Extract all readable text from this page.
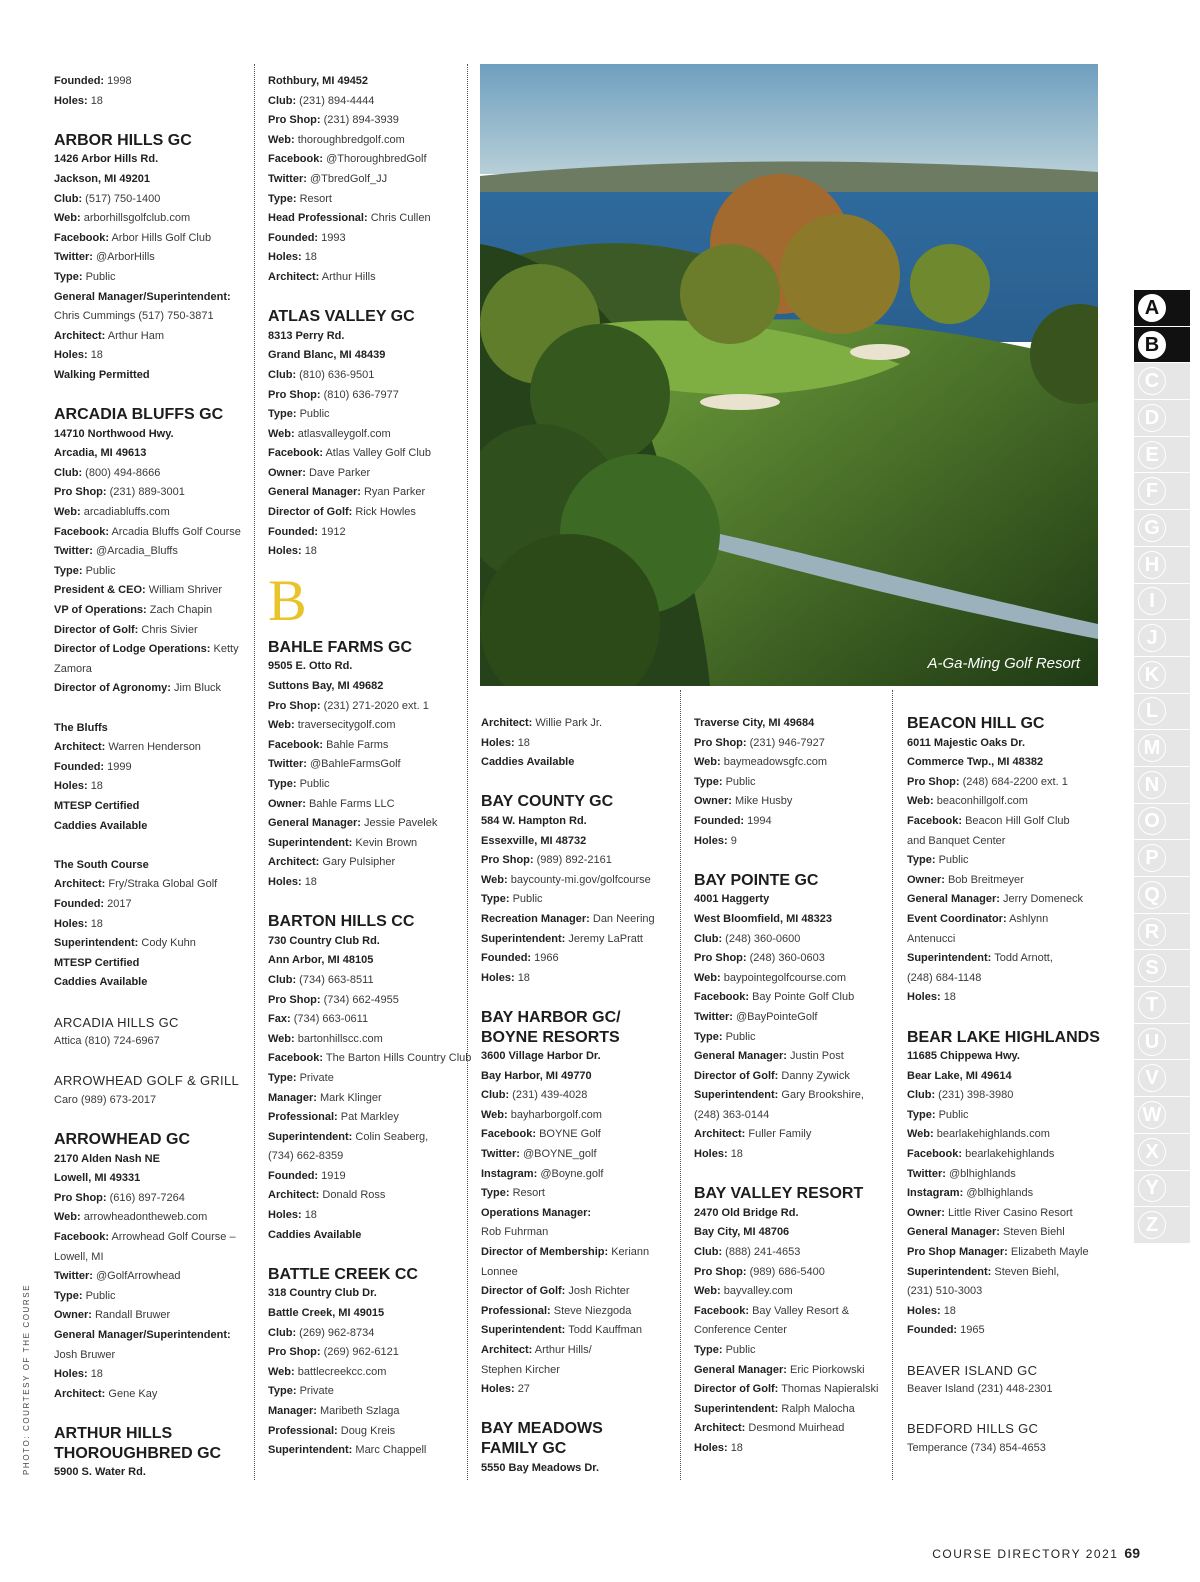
Founded: 1998
Holes: 18
ARBOR HILLS GC
1426 Arbor Hills Rd.
Jackson, MI 49201
Club: (517) 750-1400
Web: arborhillsgolfclub.com
Facebook: Arbor Hills Golf Club
Twitter: @ArborHills
Type: Public
General Manager/Superintendent:
Chris Cummings (517) 750-3871
Architect: Arthur Ham
Holes: 18
Walking Permitted
ARCADIA BLUFFS GC
14710 Northwood Hwy.
Arcadia, MI 49613
Club: (800) 494-8666
Pro Shop: (231) 889-3001
Web: arcadiabluffs.com
Facebook: Arcadia Bluffs Golf Course
Twitter: @Arcadia_Bluffs
Type: Public
President & CEO: William Shriver
VP of Operations: Zach Chapin
Director of Golf: Chris Sivier
Director of Lodge Operations: Ketty
Zamora
Director of Agronomy: Jim Bluck
The Bluffs
Architect: Warren Henderson
Founded: 1999
Holes: 18
MTESP Certified
Caddies Available
The South Course
Architect: Fry/Straka Global Golf
Founded: 2017
Holes: 18
Superintendent: Cody Kuhn
MTESP Certified
Caddies Available
ARCADIA HILLS GC
Attica (810) 724-6967
ARROWHEAD GOLF & GRILL
Caro (989) 673-2017
ARROWHEAD GC
2170 Alden Nash NE
Lowell, MI 49331
Pro Shop: (616) 897-7264
Web: arrowheadontheweb.com
Facebook: Arrowhead Golf Course –
Lowell, MI
Twitter: @GolfArrowhead
Type: Public
Owner: Randall Bruwer
General Manager/Superintendent:
Josh Bruwer
Holes: 18
Architect: Gene Kay
ARTHUR HILLS
THOROUGHBRED GC
5900 S. Water Rd.
Rothbury, MI 49452
Club: (231) 894-4444
Pro Shop: (231) 894-3939
Web: thoroughbredgolf.com
Facebook: @ThoroughbredGolf
Twitter: @TbredGolf_JJ
Type: Resort
Head Professional: Chris Cullen
Founded: 1993
Holes: 18
Architect: Arthur Hills
ATLAS VALLEY GC
8313 Perry Rd.
Grand Blanc, MI 48439
Club: (810) 636-9501
Pro Shop: (810) 636-7977
Type: Public
Web: atlasvalleygolf.com
Facebook: Atlas Valley Golf Club
Owner: Dave Parker
General Manager: Ryan Parker
Director of Golf: Rick Howles
Founded: 1912
Holes: 18
B
BAHLE FARMS GC
9505 E. Otto Rd.
Suttons Bay, MI 49682
Pro Shop: (231) 271-2020 ext. 1
Web: traversecitygolf.com
Facebook: Bahle Farms
Twitter: @BahleFarmsGolf
Type: Public
Owner: Bahle Farms LLC
General Manager: Jessie Pavelek
Superintendent: Kevin Brown
Architect: Gary Pulsipher
Holes: 18
BARTON HILLS CC
730 Country Club Rd.
Ann Arbor, MI 48105
Club: (734) 663-8511
Pro Shop: (734) 662-4955
Fax: (734) 663-0611
Web: bartonhillscc.com
Facebook: The Barton Hills Country Club
Type: Private
Manager: Mark Klinger
Professional: Pat Markley
Superintendent: Colin Seaberg,
(734) 662-8359
Founded: 1919
Architect: Donald Ross
Holes: 18
Caddies Available
BATTLE CREEK CC
318 Country Club Dr.
Battle Creek, MI 49015
Club: (269) 962-8734
Pro Shop: (269) 962-6121
Web: battlecreekcc.com
Type: Private
Manager: Maribeth Szlaga
Professional: Doug Kreis
Superintendent: Marc Chappell
A-Ga-Ming Golf Resort
Architect: Willie Park Jr.
Holes: 18
Caddies Available
BAY COUNTY GC
584 W. Hampton Rd.
Essexville, MI 48732
Pro Shop: (989) 892-2161
Web: baycounty-mi.gov/golfcourse
Type: Public
Recreation Manager: Dan Neering
Superintendent: Jeremy LaPratt
Founded: 1966
Holes: 18
BAY HARBOR GC/
BOYNE RESORTS
3600 Village Harbor Dr.
Bay Harbor, MI 49770
Club: (231) 439-4028
Web: bayharborgolf.com
Facebook: BOYNE Golf
Twitter: @BOYNE_golf
Instagram: @Boyne.golf
Type: Resort
Operations Manager:
Rob Fuhrman
Director of Membership: Keriann
Lonnee
Director of Golf: Josh Richter
Professional: Steve Niezgoda
Superintendent: Todd Kauffman
Architect: Arthur Hills/
Stephen Kircher
Holes: 27
BAY MEADOWS
FAMILY GC
5550 Bay Meadows Dr.
Traverse City, MI 49684
Pro Shop: (231) 946-7927
Web: baymeadowsgfc.com
Type: Public
Owner: Mike Husby
Founded: 1994
Holes: 9
BAY POINTE GC
4001 Haggerty
West Bloomfield, MI 48323
Club: (248) 360-0600
Pro Shop: (248) 360-0603
Web: baypointegolfcourse.com
Facebook: Bay Pointe Golf Club
Twitter: @BayPointeGolf
Type: Public
General Manager: Justin Post
Director of Golf: Danny Zywick
Superintendent: Gary Brookshire,
(248) 363-0144
Architect: Fuller Family
Holes: 18
BAY VALLEY RESORT
2470 Old Bridge Rd.
Bay City, MI 48706
Club: (888) 241-4653
Pro Shop: (989) 686-5400
Web: bayvalley.com
Facebook: Bay Valley Resort &
Conference Center
Type: Public
General Manager: Eric Piorkowski
Director of Golf: Thomas Napieralski
Superintendent: Ralph Malocha
Architect: Desmond Muirhead
Holes: 18
BEACON HILL GC
6011 Majestic Oaks Dr.
Commerce Twp., MI 48382
Pro Shop: (248) 684-2200 ext. 1
Web: beaconhillgolf.com
Facebook: Beacon Hill Golf Club
and Banquet Center
Type: Public
Owner: Bob Breitmeyer
General Manager: Jerry Domeneck
Event Coordinator: Ashlynn
Antenucci
Superintendent: Todd Arnott,
(248) 684-1148
Holes: 18
BEAR LAKE HIGHLANDS
11685 Chippewa Hwy.
Bear Lake, MI 49614
Club: (231) 398-3980
Type: Public
Web: bearlakehighlands.com
Facebook: bearlakehighlands
Twitter: @blhighlands
Instagram: @blhighlands
Owner: Little River Casino Resort
General Manager: Steven Biehl
Pro Shop Manager: Elizabeth Mayle
Superintendent: Steven Biehl,
(231) 510-3003
Holes: 18
Founded: 1965
BEAVER ISLAND GC
Beaver Island (231) 448-2301
BEDFORD HILLS GC
Temperance (734) 854-4653
A
B
C
D
E
F
G
H
I
J
K
L
M
N
O
P
Q
R
S
T
U
V
W
X
Y
Z
COURSE DIRECTORY 2021 69
PHOTO: COURTESY OF THE COURSE
